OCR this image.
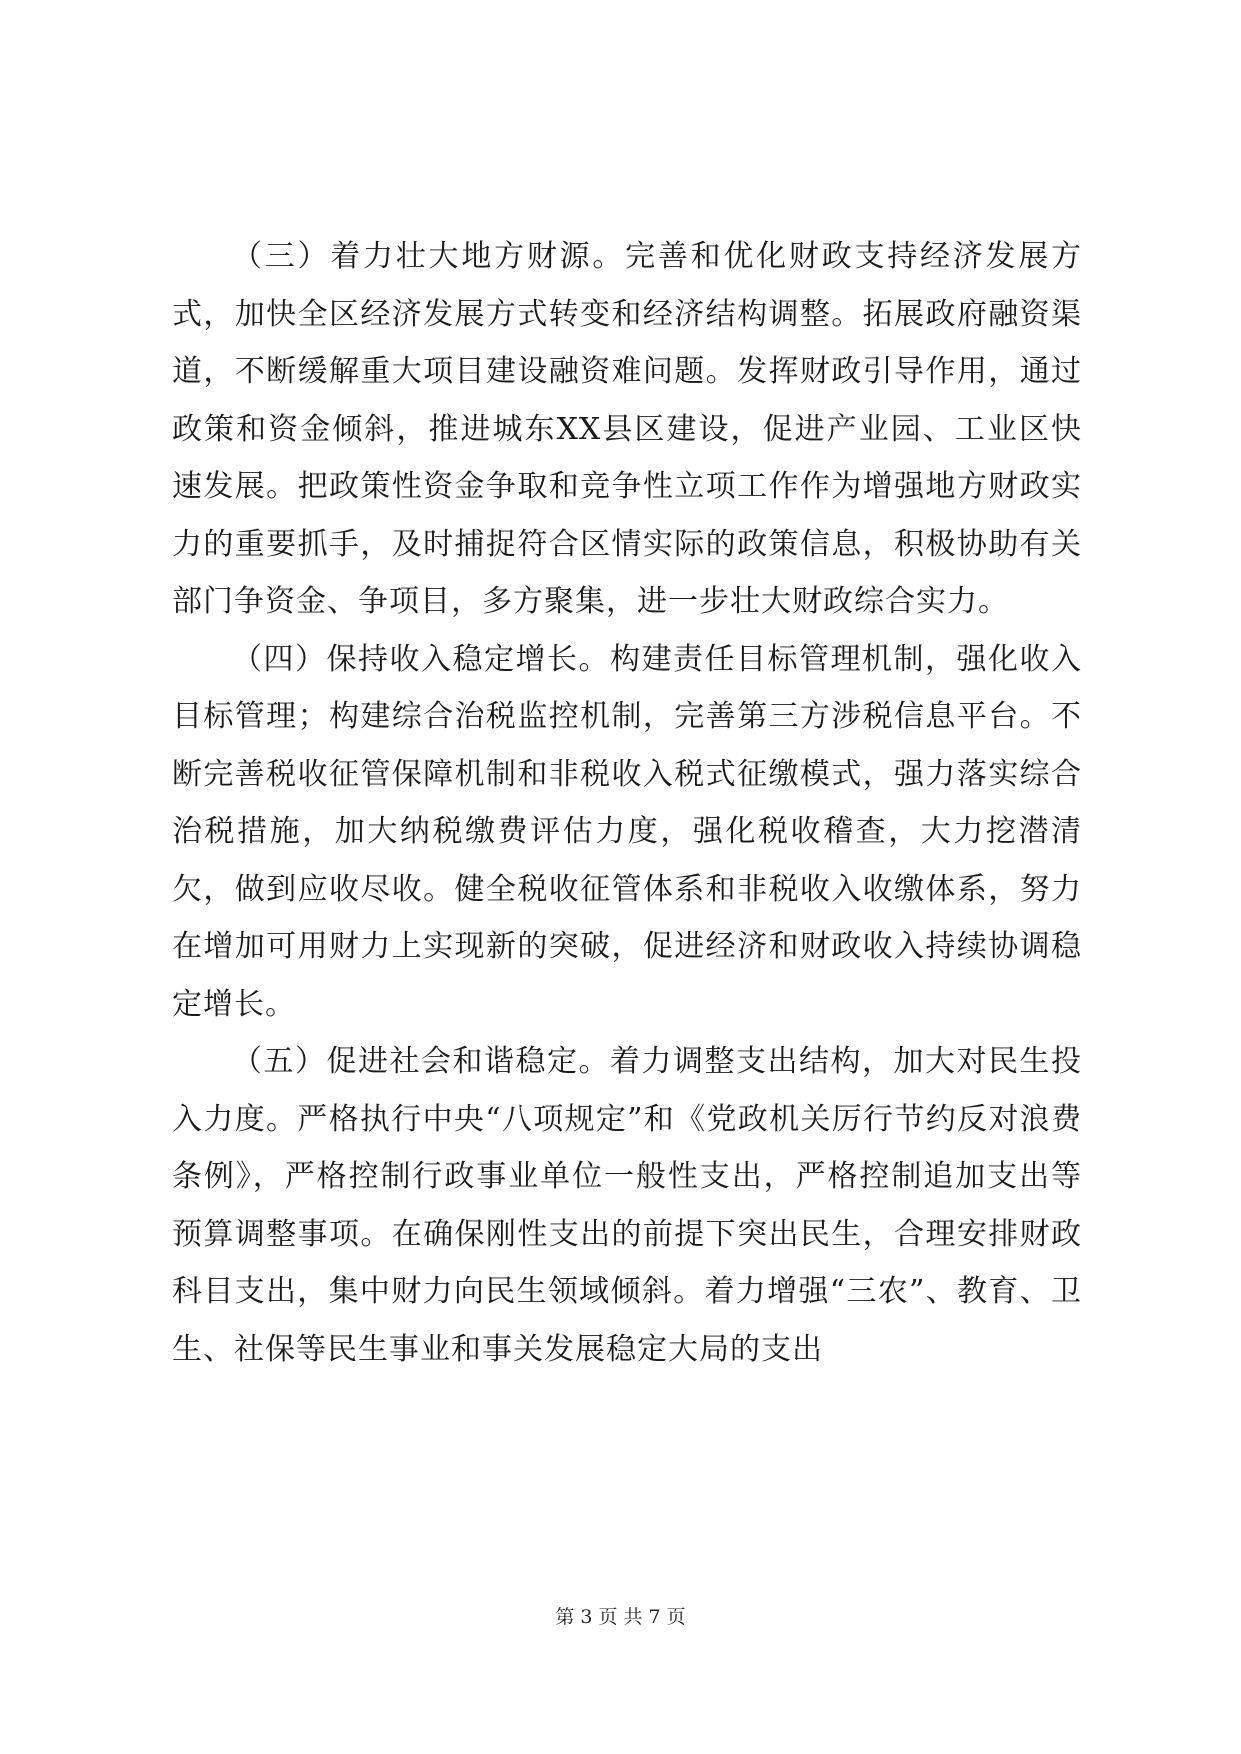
（三）着力壮大地方财源。完善和优化财政支持经济发展方式，加快全区经济发展方式转变和经济结构调整。拓展政府融资渠道，不断缓解重大项目建设融资难问题。发挥财政引导作用，通过政策和资金倾斜，推进城东XX县区建设，促进产业园、工业区快速发展。把政策性资金争取和竞争性立项工作作为增强地方财政实力的重要抓手，及时捕捉符合区情实际的政策信息，积极协助有关部门争资金、争项目，多方聚集，进一步壮大财政综合实力。

（四）保持收入稳定增长。构建责任目标管理机制，强化收入目标管理；构建综合治税监控机制，完善第三方涉税信息平台。不断完善税收征管保障机制和非税收入税式征缴模式，强力落实综合治税措施，加大纳税缴费评估力度，强化税收稽查，大力挖潜清欠，做到应收尽收。健全税收征管体系和非税收入收缴体系，努力在增加可用财力上实现新的突破，促进经济和财政收入持续协调稳定增长。

（五）促进社会和谐稳定。着力调整支出结构，加大对民生投入力度。严格执行中央“八项规定”和《党政机关厉行节约反对浪费条例》，严格控制行政事业单位一般性支出，严格控制追加支出等预算调整事项。在确保刚性支出的前提下突出民生，合理安排财政科目支出，集中财力向民生领域倾斜。着力增强“三农”、教育、卫生、社保等民生事业和事关发展稳定大局的支出

第 3 页 共 7 页
